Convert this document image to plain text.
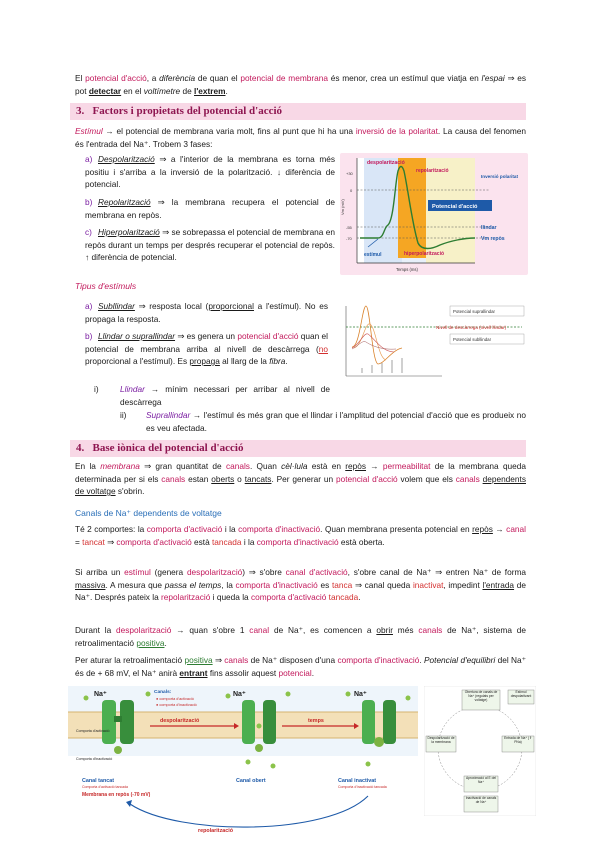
El potencial d'acció, a diferència de quan el potencial de membrana és menor, crea un estímul que viatja en l'espai ⇒ es pot detectar en el voltímetre de l'extrem.
3. Factors i propietats del potencial d'acció
Estímul → el potencial de membrana varia molt, fins al punt que hi ha una inversió de la polaritat. La causa del fenomen és l'entrada del Na⁺. Trobem 3 fases:
a) Despolarització ⇒ a l'interior de la membrana es torna més positiu i s'arriba a la inversió de la polarització. ↓ diferència de potencial.
b) Repolarització ⇒ la membrana recupera el potencial de membrana en repòs.
c) Hiperpolarització ⇒ se sobrepassa el potencial de membrana en repòs durant un temps per després recuperar el potencial de repòs. ↑ diferència de potencial.
+30
0
-55
-70
Vm (mV)
Temps (ms)
despolarització
repolarització
hiperpolarització
estímul
Potencial d'acció
Inversió polaritat
llindar
Vm repòs
Tipus d'estímuls
a) Subllindar ⇒ resposta local (proporcional a l'estímul). No es propaga la resposta.
b) Llindar o suprallindar ⇒ es genera un potencial d'acció quan el potencial de membrana arriba al nivell de descàrrega (no proporcional a l'estímul). Es propaga al llarg de la fibra.
i)	Llindar → mínim necessari per arribar al nivell de descàrrega
ii) Suprallindar → l'estímul és més gran que el llindar i l'amplitud del potencial d'acció que es produeix no es veu afectada.
Potencial suprallindar
Nivell de descàrrega (nivell llindar)
Potencial subllindar
4. Base iònica del potencial d'acció
En la membrana ⇒ gran quantitat de canals. Quan cèl·lula està en repòs → permeabilitat de la membrana queda determinada per si els canals estan oberts o tancats. Per generar un potencial d'acció volem que els canals dependents de voltatge s'obrin.
Canals de Na⁺ dependents de voltatge
Té 2 comportes: la comporta d'activació i la comporta d'inactivació. Quan membrana presenta potencial en repòs → canal = tancat ⇒ comporta d'activació està tancada i la comporta d'inactivació està oberta.
Si arriba un estímul (genera despolarització) ⇒ s'obre canal d'activació, s'obre canal de Na⁺ ⇒ entren Na⁺ de forma massiva. A mesura que passa el temps, la comporta d'inactivació es tanca ⇒ canal queda inactivat, impedint l'entrada de Na⁺. Després pateix la repolarització i queda la comporta d'activació tancada.
Durant la despolarització → quan s'obre 1 canal de Na⁺, es comencen a obrir més canals de Na⁺, sistema de retroalimentació positiva.
Per aturar la retroalimentació positiva ⇒ canals de Na⁺ disposen d'una comporta d'inactivació. Potencial d'equilibri del Na⁺ és de + 68 mV, el Na⁺ anirà entrant fins assolir aquest potencial.
Na⁺	Na⁺	Na⁺
Canals:
● comporta d'activació
● comporta d'inactivació
despolarització	temps
Comporta d'activació
Comporta d'inactivació
Canal tancat
Comporta d'activació tancada
Membrana en repòs (-70 mV)
Canal obert	Canal inactivat
Comporta d'inactivació tancada
repolarització
Obertura de canals de Na⁺ (regulats per voltatge)
Estímul despolaritzant
Despolarització de la membrana
Entrada de Na⁺ (⇑ PNa)
Aproximació al E del Na⁺
Inactivació de canals de Na⁺
